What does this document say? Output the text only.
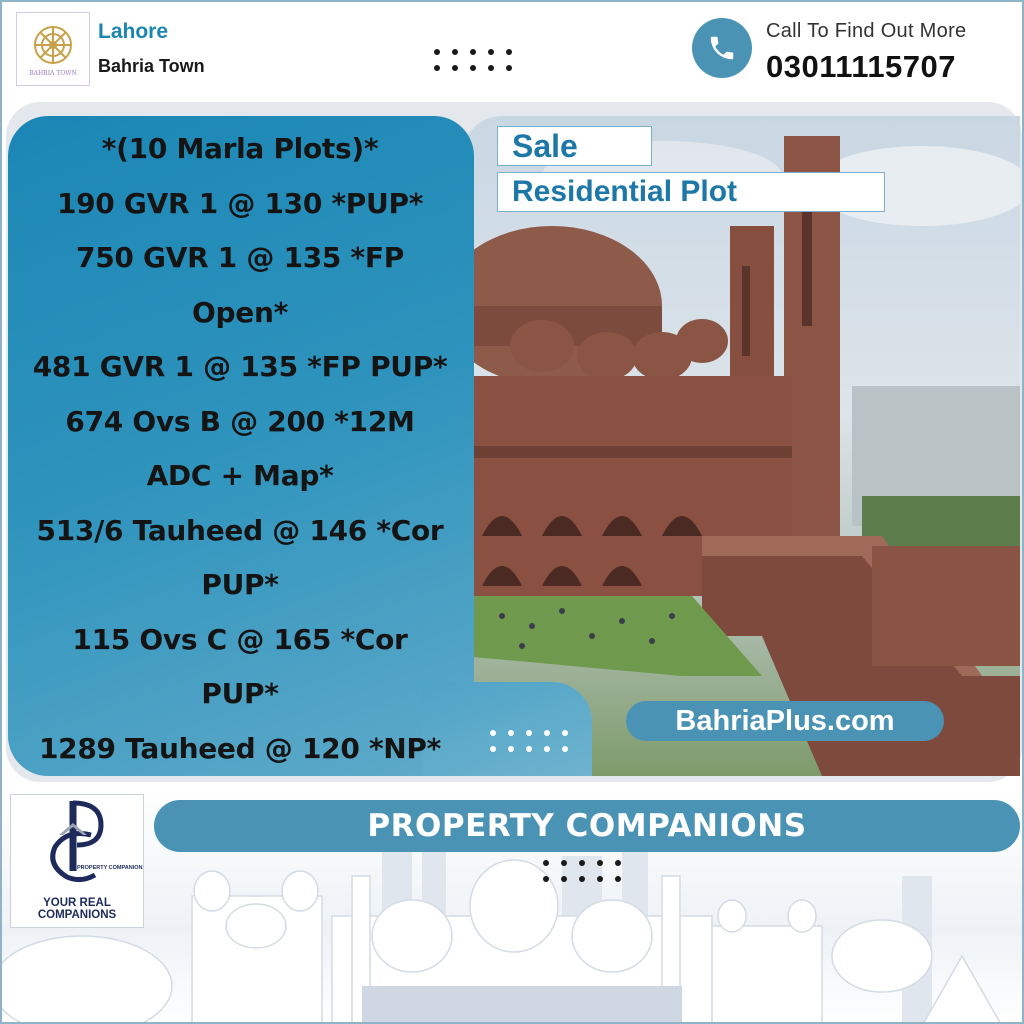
BAHRIA TOWN
Lahore
Bahria Town
Call To Find Out More
03011115707
*(10 Marla Plots)*
190 GVR 1 @ 130 *PUP*
750 GVR 1 @ 135 *FP
Open*
481 GVR 1 @ 135 *FP PUP*
674 Ovs B @ 200 *12M
ADC + Map*
513/6 Tauheed @ 146 *Cor
PUP*
115 Ovs C @ 165 *Cor
PUP*
1289 Tauheed @ 120 *NP*
Sale
Residential Plot
BahriaPlus.com
PROPERTY COMPANIONS
YOUR REAL COMPANIONS
PROPERTY COMPANIONS
